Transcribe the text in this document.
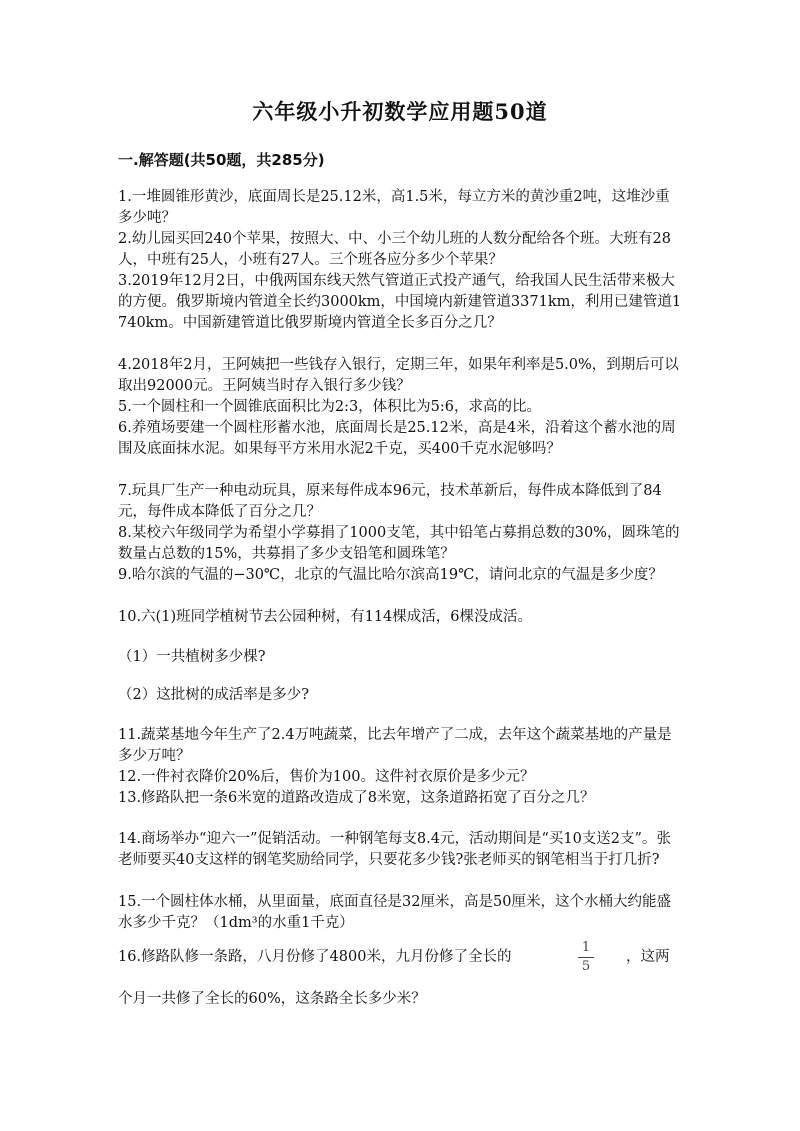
六年级小升初数学应用题50道
一.解答题(共50题，共285分)
1.一堆圆锥形黄沙，底面周长是25.12米，高1.5米，每立方米的黄沙重2吨，这堆沙重多少吨？
2.幼儿园买回240个苹果，按照大、中、小三个幼儿班的人数分配给各个班。大班有28人，中班有25人，小班有27人。三个班各应分多少个苹果？
3.2019年12月2日，中俄两国东线天然气管道正式投产通气，给我国人民生活带来极大的方便。俄罗斯境内管道全长约3000km，中国境内新建管道3371km，利用已建管道1740km。中国新建管道比俄罗斯境内管道全长多百分之几？
4.2018年2月，王阿姨把一些钱存入银行，定期三年，如果年利率是5.0%，到期后可以取出92000元。王阿姨当时存入银行多少钱？
5.一个圆柱和一个圆锥底面积比为2:3，体积比为5:6，求高的比。
6.养殖场要建一个圆柱形蓄水池，底面周长是25.12米，高是4米，沿着这个蓄水池的周围及底面抹水泥。如果每平方米用水泥2千克，买400千克水泥够吗？
7.玩具厂生产一种电动玩具，原来每件成本96元，技术革新后，每件成本降低到了84元，每件成本降低了百分之几？
8.某校六年级同学为希望小学募捐了1000支笔，其中铅笔占募捐总数的30%，圆珠笔的数量占总数的15%，共募捐了多少支铅笔和圆珠笔？
9.哈尔滨的气温的−30℃，北京的气温比哈尔滨高19℃，请问北京的气温是多少度？
10.六(1)班同学植树节去公园种树，有114棵成活，6棵没成活。
（1）一共植树多少棵?
（2）这批树的成活率是多少?
11.蔬菜基地今年生产了2.4万吨蔬菜，比去年增产了二成，去年这个蔬菜基地的产量是多少万吨？
12.一件衬衣降价20%后，售价为100。这件衬衣原价是多少元？
13.修路队把一条6米宽的道路改造成了8米宽，这条道路拓宽了百分之几？
14.商场举办“迎六一”促销活动。一种钢笔每支8.4元，活动期间是“买10支送2支”。张老师要买40支这样的钢笔奖励给同学，只要花多少钱?张老师买的钢笔相当于打几折?
15.一个圆柱体水桶，从里面量，底面直径是32厘米，高是50厘米，这个水桶大约能盛水多少千克？（1dm³的水重1千克）
16.修路队修一条路，八月份修了4800米，九月份修了全长的
1
5
，这两
个月一共修了全长的60%，这条路全长多少米？
